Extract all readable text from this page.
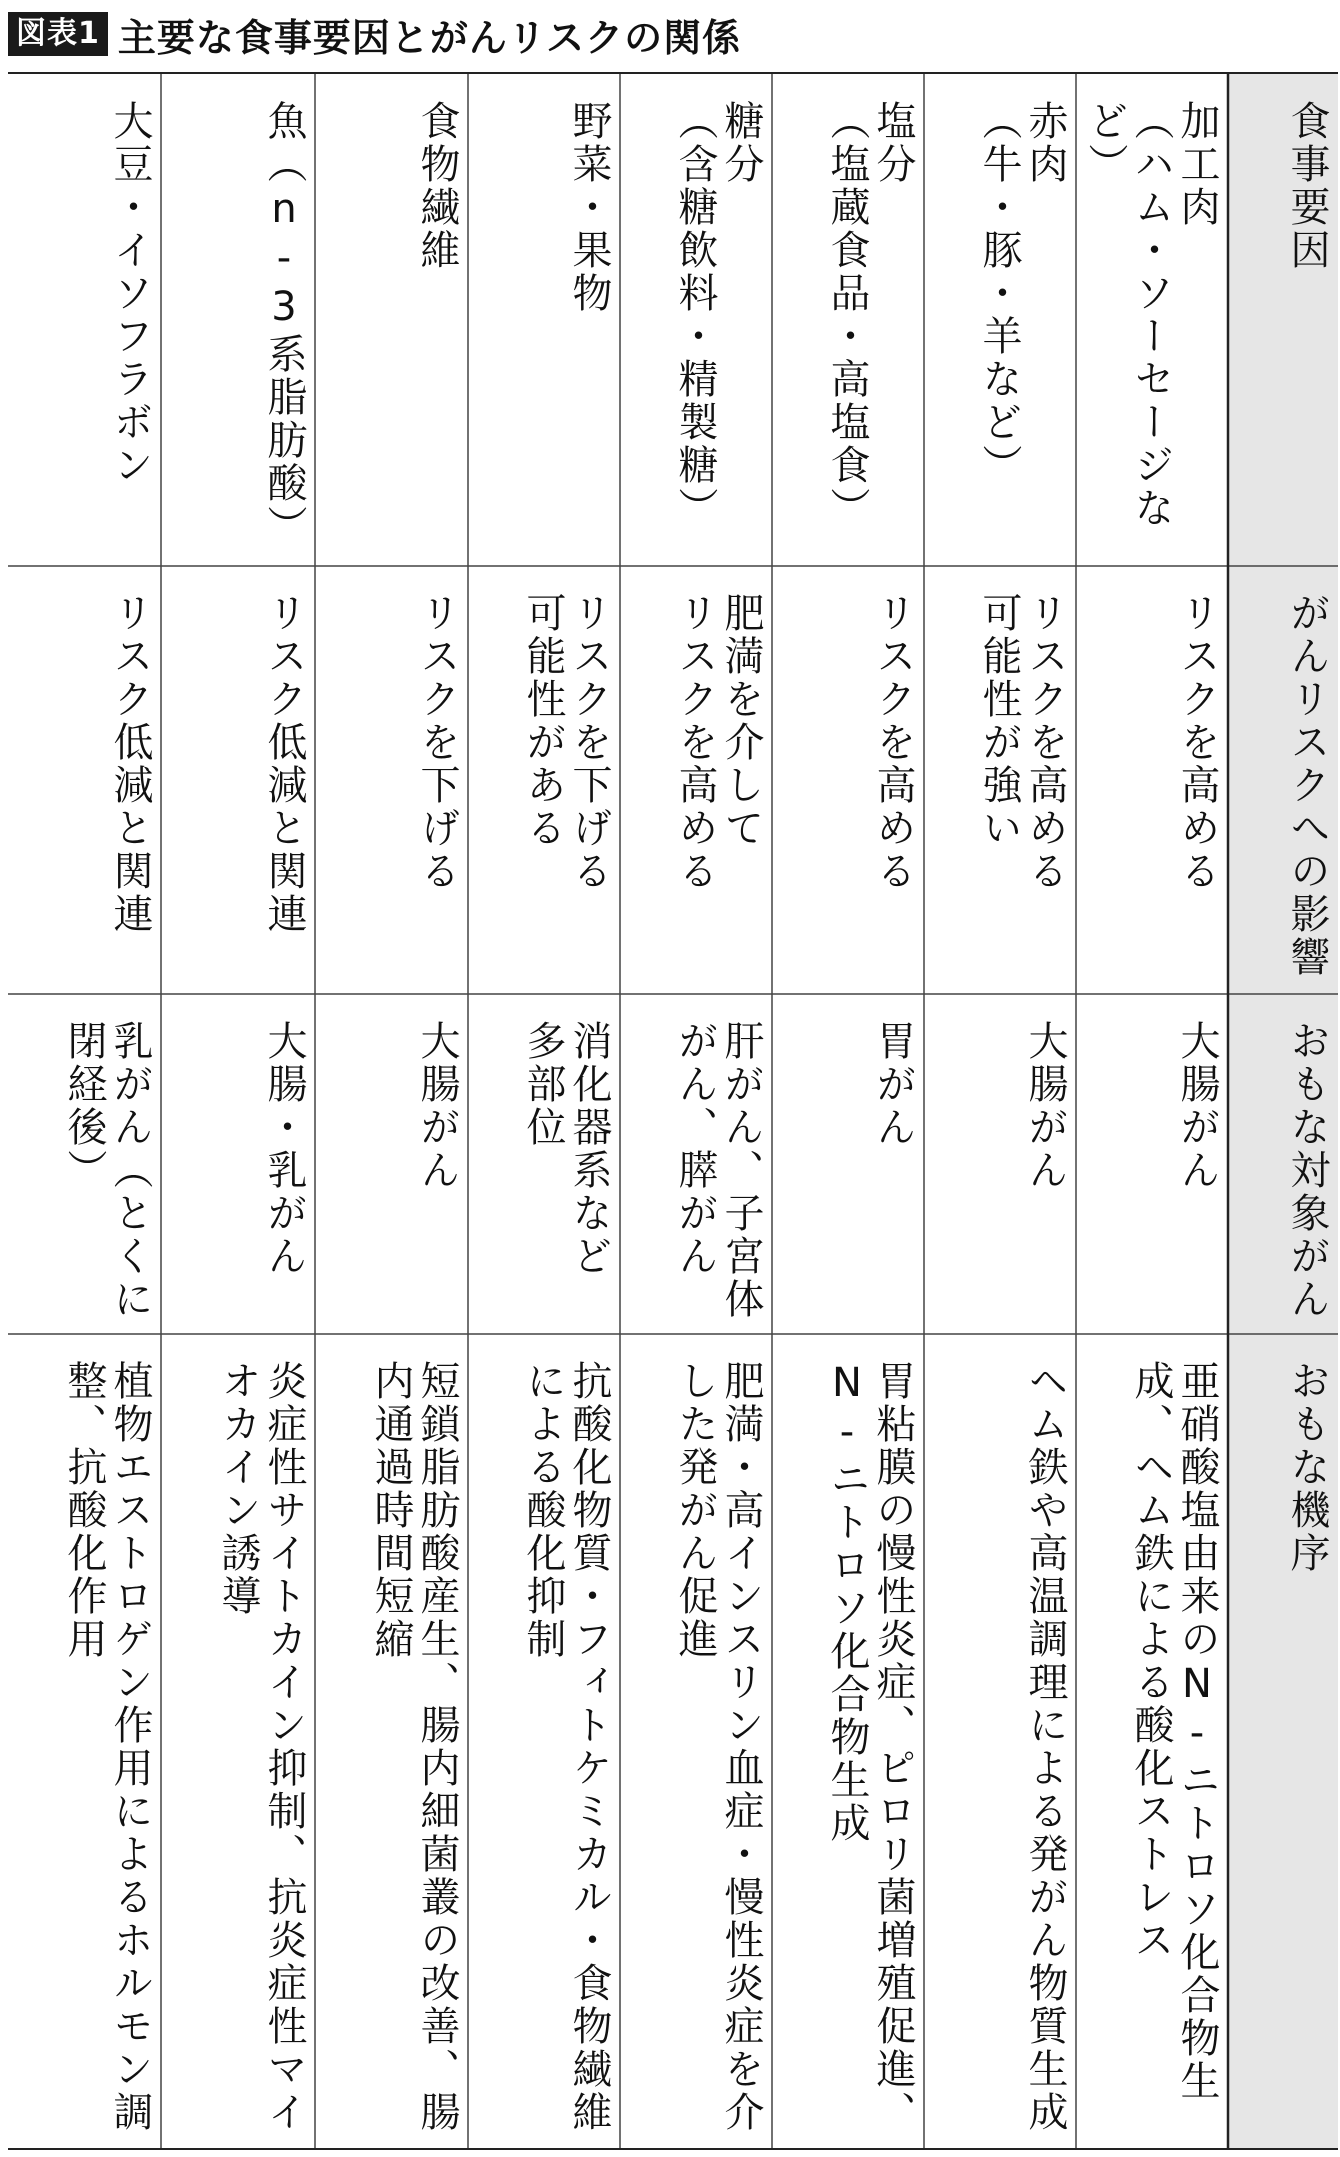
図表1 主要な食事要因とがんリスクの関係
食事要因
がんリスクへの影響
おもな対象がん
おもな機序
加工肉
（ハム・ソーセージなど）
リスクを高める
大腸がん
亜硝酸塩由来のN-ニトロソ化合物生成、ヘム鉄による酸化ストレス
赤肉
（牛・豚・羊など）
リスクを高める
可能性が強い
大腸がん
ヘム鉄や高温調理による発がん物質生成
塩分
（塩蔵食品・高塩食）
リスクを高める
胃がん
胃粘膜の慢性炎症、ピロリ菌増殖促進、N-ニトロソ化合物生成
糖分
（含糖飲料・精製糖）
肥満を介して
リスクを高める
肝がん、子宮体がん、膵がん
肥満・高インスリン血症・慢性炎症を介した発がん促進
野菜・果物
リスクを下げる
可能性がある
消化器系など
多部位
抗酸化物質・フィトケミカル・食物繊維による酸化抑制
食物繊維
リスクを下げる
大腸がん
短鎖脂肪酸産生、腸内細菌叢の改善、腸内通過時間短縮
魚（n-3系脂肪酸）
リスク低減と関連
大腸・乳がん
炎症性サイトカイン抑制、抗炎症性マイオカイン誘導
大豆・イソフラボン
リスク低減と関連
乳がん（とくに閉経後）
植物エストロゲン作用によるホルモン調整、抗酸化作用
